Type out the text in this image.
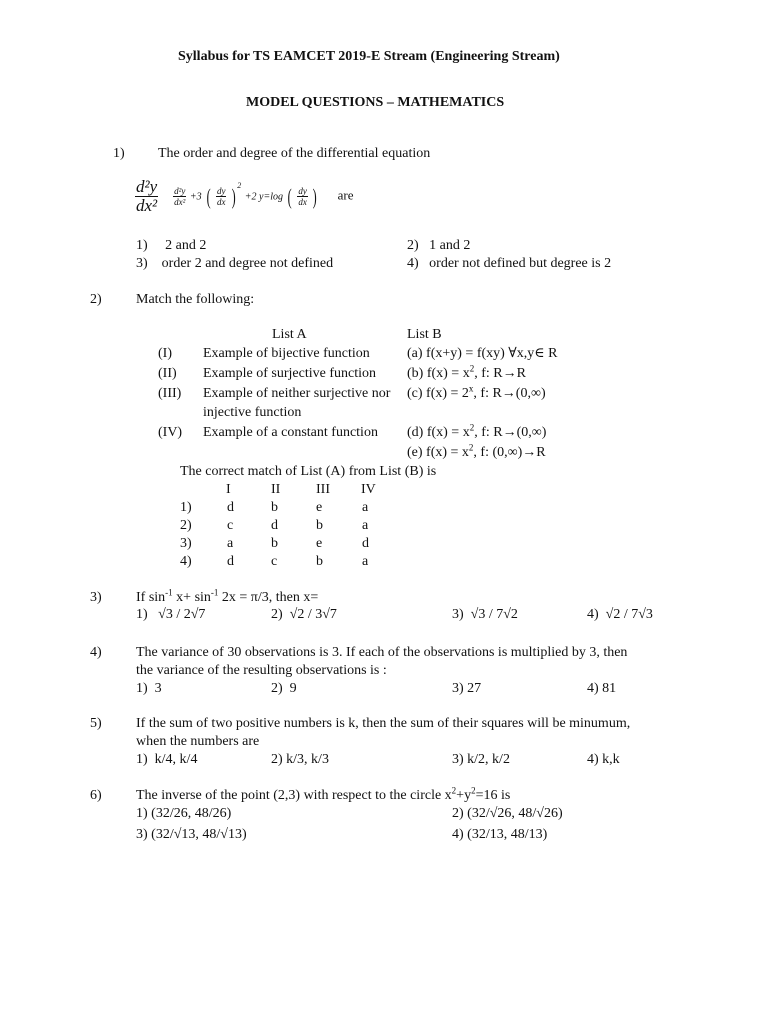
Syllabus for TS EAMCET 2019-E Stream (Engineering Stream)
MODEL QUESTIONS – MATHEMATICS
1) The order and degree of the differential equation
$\frac{\text{d²y}}{\text{dx²}}$
$\frac{\text{d²y}}{\text{dx²}} +3$ ( $\frac{dy}{dx}$ ) $^2$ +2 y=log ( $\frac{dy}{dx}$ ) are
1) 2 and 2	2) 1 and 2
3) order 2 and degree not defined	4) order not defined but degree is 2
2) Match the following:
List A	List B
(I) Example of bijective function	(a) f(x+y) = f(xy) ∀x,y∈ R
(II) Example of surjective function (b) $f(x) = x^2$, f: R→R
(III) Example of neither surjective nor
injective function
(c) $f(x) = 2^x$, f: R→(0,∞)
(IV) Example of a constant function (d) $f(x) = x^2$, f: R→(0,∞)
(e) $f(x) = x^2$, f: (0,∞)→R
The correct match of List (A) from List (B) is
I	II	III IV
1)	d	b	e	a
2)	c	d	b	a
3)	a	b	e	d
4)	d	c	b	a
3) If $\sin^{-1} x+ \sin^{-1} 2x = \pi/3$, then x=
1) √3 / 2√7	2) √2 / 3√7	3) √3 / 7√2	4) √2 / 7√3
4) The variance of 30 observations is 3. If each of the observations is multiplied by 3, then
the variance of the resulting observations is :
1) 3	2) 9	3) 27	4) 81
5) If the sum of two positive numbers is k, then the sum of their squares will be minumum,
when the numbers are
1) k/4, k/4	2) k/3, k/3	3) k/2, k/2	4) k,k
6) The inverse of the point (2,3) with respect to the circle $x^2+y^2=16$ is
1) (32/26, 48/26)	2) (32/√26, 48/√26)
3) (32/√13, 48/√13)	4) (32/13, 48/13)
